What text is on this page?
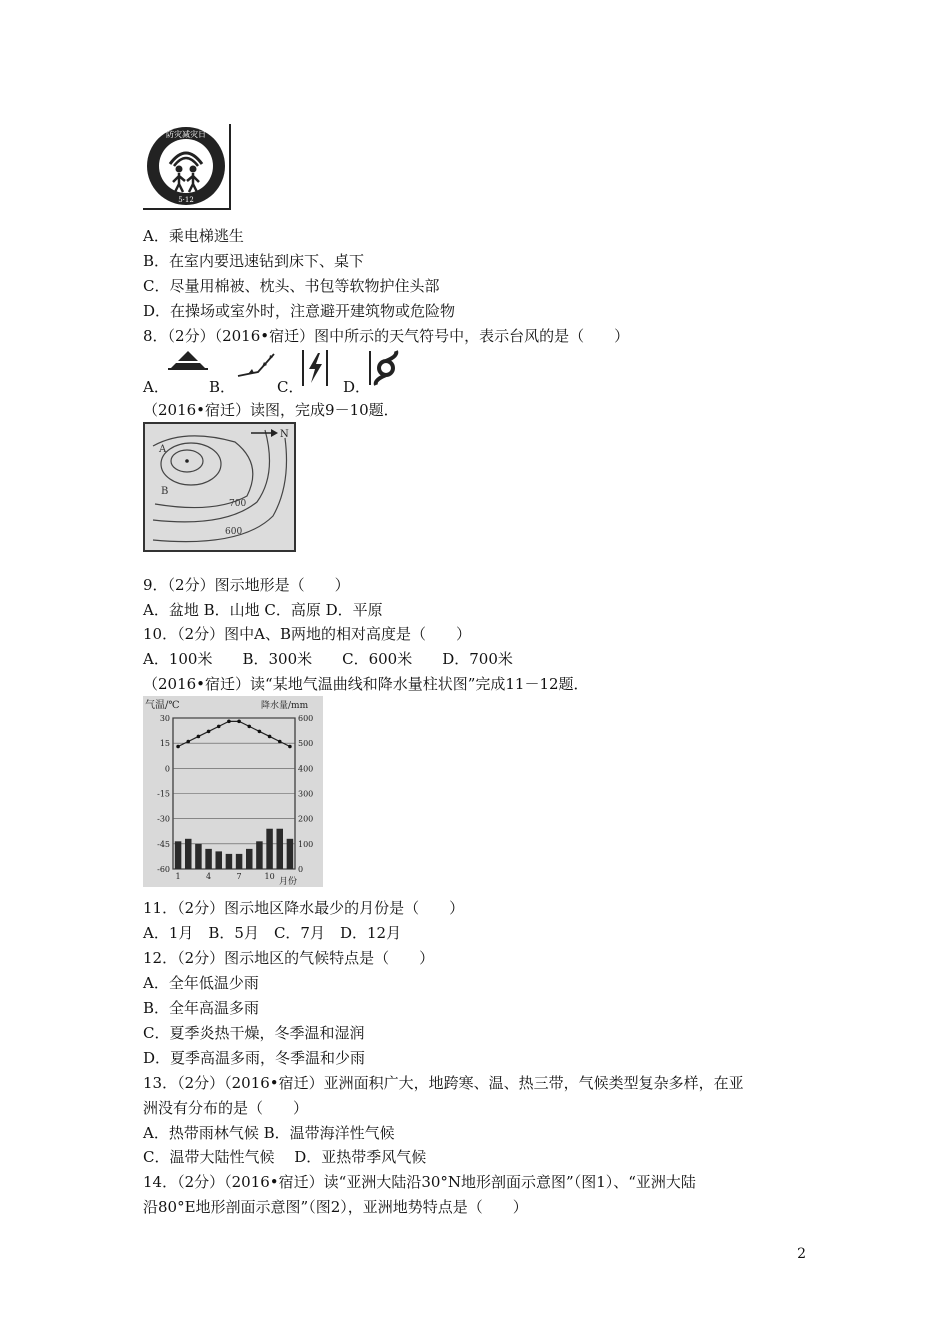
防灾减灾日
5·12
A．乘电梯逃生
B．在室内要迅速钻到床下、桌下
C．尽量用棉被、枕头、书包等软物护住头部
D．在操场或室外时，注意避开建筑物或危险物
8．（2分）（2016•宿迁）图中所示的天气符号中，表示台风的是（　　）
A．	B．	C．	D．
（2016•宿迁）读图，完成9－10题．
A
B
700
600
N
9．（2分）图示地形是（　　）
A．盆地 B．山地 C．高原 D．平原
10．（2分）图中A、B两地的相对高度是（　　）
A．100米　　B．300米　　C．600米　　D．700米
（2016•宿迁）读“某地气温曲线和降水量柱状图”完成11－12题．
气温/℃	降水量/mm
月份
30
15
0
-15
-30
-45
-60
600
500
400
300
200
100
0
1	4	7	10
11．（2分）图示地区降水最少的月份是（　　）
A．1月　B．5月　C．7月　D．12月
12．（2分）图示地区的气候特点是（　　）
A．全年低温少雨
B．全年高温多雨
C．夏季炎热干燥，冬季温和湿润
D．夏季高温多雨，冬季温和少雨
13．（2分）（2016•宿迁）亚洲面积广大，地跨寒、温、热三带，气候类型复杂多样，在亚
洲没有分布的是（　　）
A．热带雨林气候 B．温带海洋性气候
C．温带大陆性气候　 D．亚热带季风气候
14．（2分）（2016•宿迁）读“亚洲大陆沿30°N地形剖面示意图”（图1）、“亚洲大陆
沿80°E地形剖面示意图”（图2），亚洲地势特点是（　　）
2
